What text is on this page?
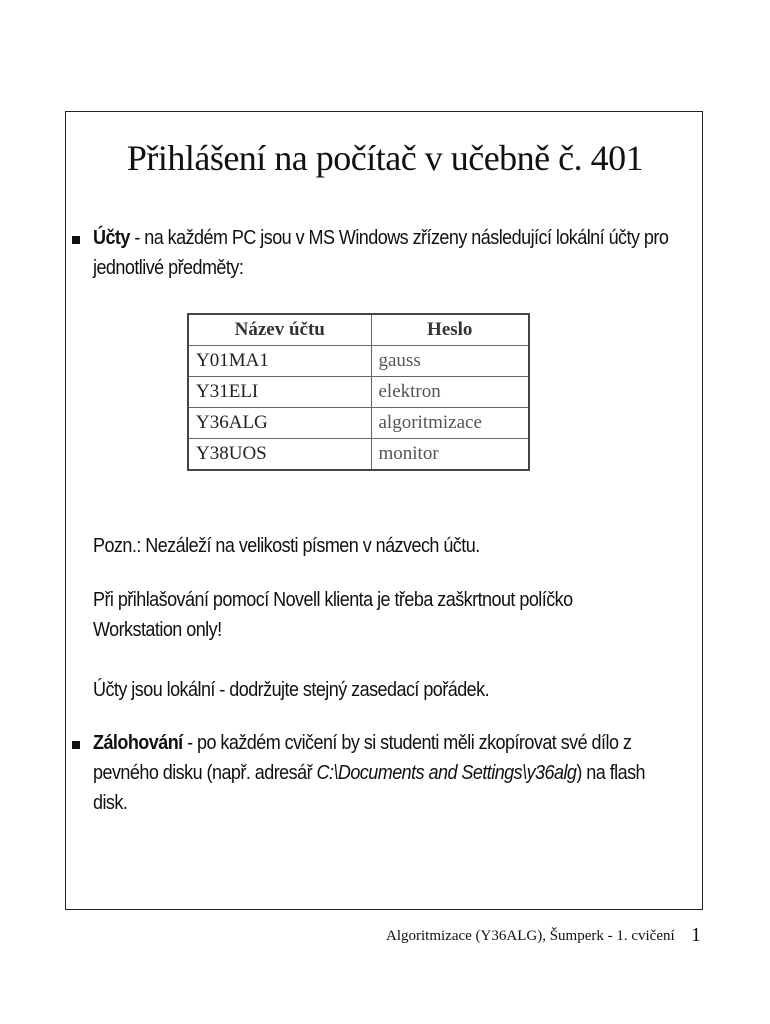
Přihlášení na počítač v učebně č. 401
Účty - na každém PC jsou v MS Windows zřízeny následující lokální účty pro
jednotlivé předměty:
Název účtu	Heslo
Y01MA1	gauss
Y31ELI	elektron
Y36ALG	algoritmizace
Y38UOS	monitor
Pozn.: Nezáleží na velikosti písmen v názvech účtu.
Při přihlašování pomocí Novell klienta je třeba zaškrtnout políčko
Workstation only!
Účty jsou lokální - dodržujte stejný zasedací pořádek.
Zálohování - po každém cvičení by si studenti měli zkopírovat své dílo z
pevného disku (např. adresář C:\Documents and Settings\y36alg) na flash
disk.
Algoritmizace (Y36ALG), Šumperk - 1. cvičení 1
